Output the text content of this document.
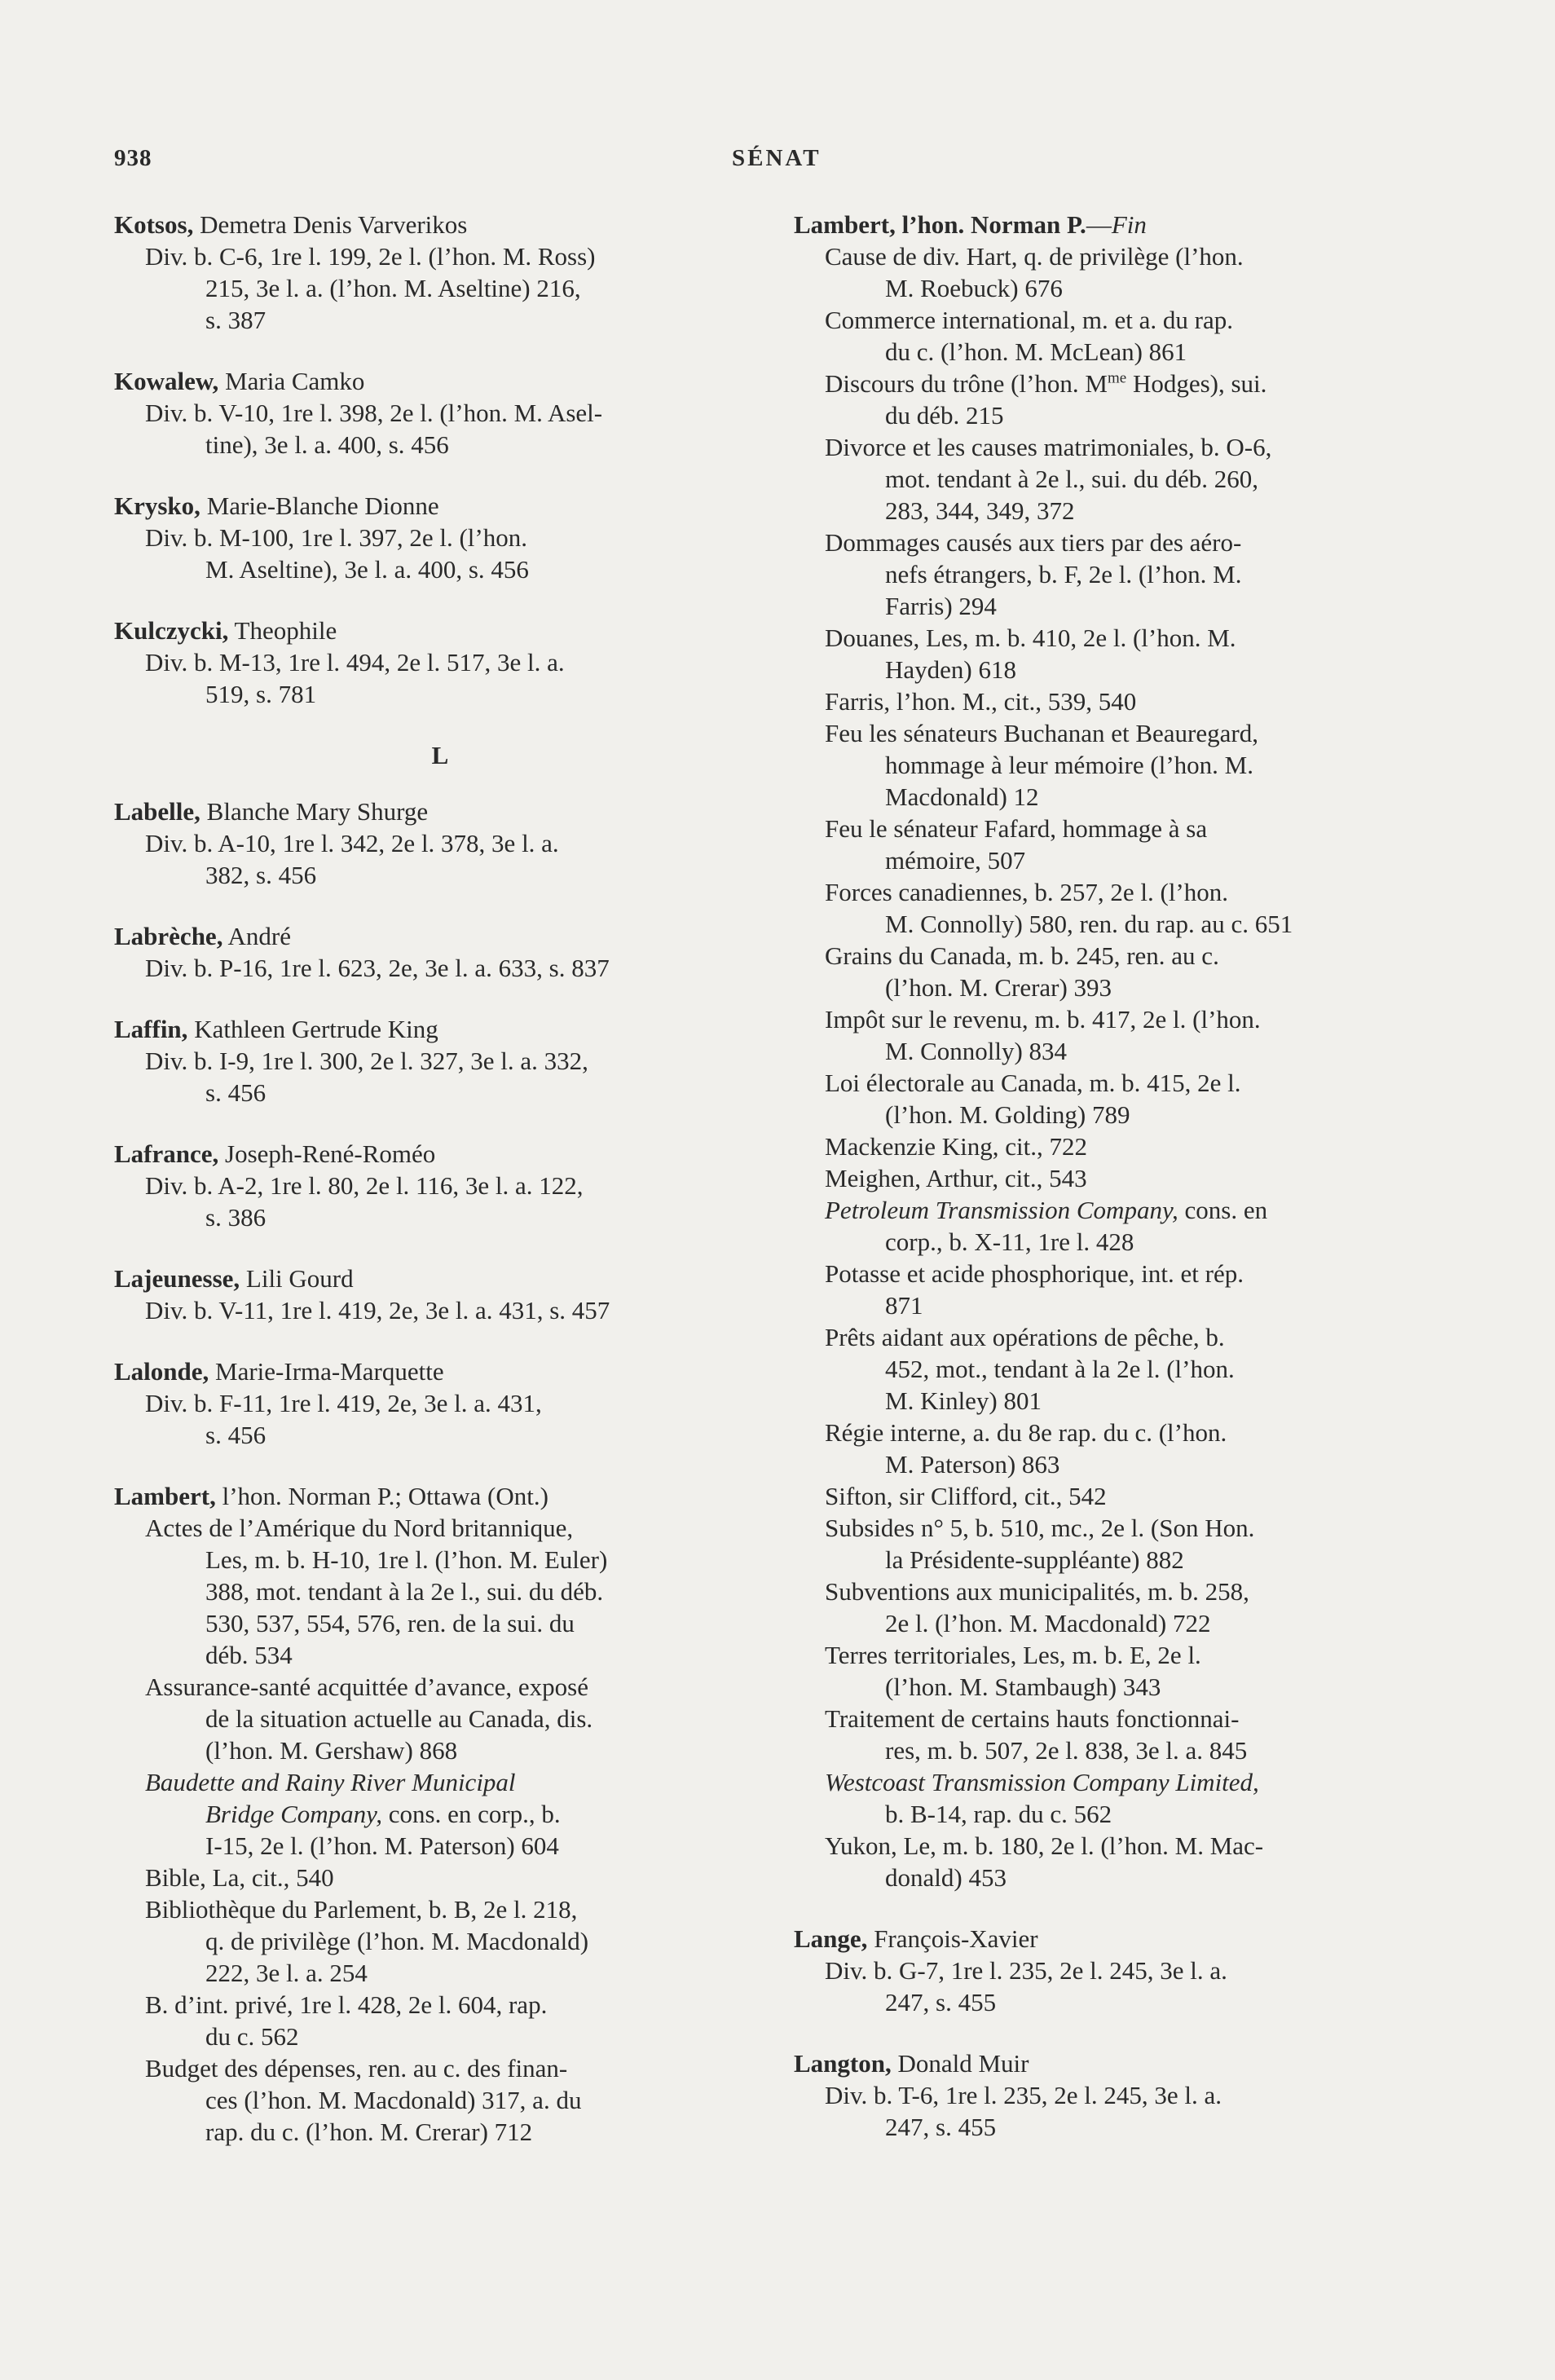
938	SÉNAT
Kotsos, Demetra Denis Varverikos
Div. b. C-6, 1re l. 199, 2e l. (l’hon. M. Ross)
215, 3e l. a. (l’hon. M. Aseltine) 216,
s. 387
Kowalew, Maria Camko
Div. b. V-10, 1re l. 398, 2e l. (l’hon. M. Asel-
tine), 3e l. a. 400, s. 456
Krysko, Marie-Blanche Dionne
Div. b. M-100, 1re l. 397, 2e l. (l’hon.
M. Aseltine), 3e l. a. 400, s. 456
Kulczycki, Theophile
Div. b. M-13, 1re l. 494, 2e l. 517, 3e l. a.
519, s. 781
L
Labelle, Blanche Mary Shurge
Div. b. A-10, 1re l. 342, 2e l. 378, 3e l. a.
382, s. 456
Labrèche, André
Div. b. P-16, 1re l. 623, 2e, 3e l. a. 633, s. 837
Laffin, Kathleen Gertrude King
Div. b. I-9, 1re l. 300, 2e l. 327, 3e l. a. 332,
s. 456
Lafrance, Joseph-René-Roméo
Div. b. A-2, 1re l. 80, 2e l. 116, 3e l. a. 122,
s. 386
Lajeunesse, Lili Gourd
Div. b. V-11, 1re l. 419, 2e, 3e l. a. 431, s. 457
Lalonde, Marie-Irma-Marquette
Div. b. F-11, 1re l. 419, 2e, 3e l. a. 431,
s. 456
Lambert, l’hon. Norman P.; Ottawa (Ont.)
Actes de l’Amérique du Nord britannique,
Les, m. b. H-10, 1re l. (l’hon. M. Euler)
388, mot. tendant à la 2e l., sui. du déb.
530, 537, 554, 576, ren. de la sui. du
déb. 534
Assurance-santé acquittée d’avance, exposé
de la situation actuelle au Canada, dis.
(l’hon. M. Gershaw) 868
Baudette and Rainy River Municipal
Bridge Company, cons. en corp., b.
I-15, 2e l. (l’hon. M. Paterson) 604
Bible, La, cit., 540
Bibliothèque du Parlement, b. B, 2e l. 218,
q. de privilège (l’hon. M. Macdonald)
222, 3e l. a. 254
B. d’int. privé, 1re l. 428, 2e l. 604, rap.
du c. 562
Budget des dépenses, ren. au c. des finan-
ces (l’hon. M. Macdonald) 317, a. du
rap. du c. (l’hon. M. Crerar) 712
Lambert, l’hon. Norman P.—Fin
Cause de div. Hart, q. de privilège (l’hon.
M. Roebuck) 676
Commerce international, m. et a. du rap.
du c. (l’hon. M. McLean) 861
Discours du trône (l’hon. $M^{me}$ Hodges), sui.
du déb. 215
Divorce et les causes matrimoniales, b. O-6,
mot. tendant à 2e l., sui. du déb. 260,
283, 344, 349, 372
Dommages causés aux tiers par des aéro-
nefs étrangers, b. F, 2e l. (l’hon. M.
Farris) 294
Douanes, Les, m. b. 410, 2e l. (l’hon. M.
Hayden) 618
Farris, l’hon. M., cit., 539, 540
Feu les sénateurs Buchanan et Beauregard,
hommage à leur mémoire (l’hon. M.
Macdonald) 12
Feu le sénateur Fafard, hommage à sa
mémoire, 507
Forces canadiennes, b. 257, 2e l. (l’hon.
M. Connolly) 580, ren. du rap. au c. 651
Grains du Canada, m. b. 245, ren. au c.
(l’hon. M. Crerar) 393
Impôt sur le revenu, m. b. 417, 2e l. (l’hon.
M. Connolly) 834
Loi électorale au Canada, m. b. 415, 2e l.
(l’hon. M. Golding) 789
Mackenzie King, cit., 722
Meighen, Arthur, cit., 543
Petroleum Transmission Company, cons. en
corp., b. X-11, 1re l. 428
Potasse et acide phosphorique, int. et rép.
871
Prêts aidant aux opérations de pêche, b.
452, mot., tendant à la 2e l. (l’hon.
M. Kinley) 801
Régie interne, a. du 8e rap. du c. (l’hon.
M. Paterson) 863
Sifton, sir Clifford, cit., 542
Subsides n° 5, b. 510, mc., 2e l. (Son Hon.
la Présidente-suppléante) 882
Subventions aux municipalités, m. b. 258,
2e l. (l’hon. M. Macdonald) 722
Terres territoriales, Les, m. b. E, 2e l.
(l’hon. M. Stambaugh) 343
Traitement de certains hauts fonctionnai-
res, m. b. 507, 2e l. 838, 3e l. a. 845
Westcoast Transmission Company Limited,
b. B-14, rap. du c. 562
Yukon, Le, m. b. 180, 2e l. (l’hon. M. Mac-
donald) 453
Lange, François-Xavier
Div. b. G-7, 1re l. 235, 2e l. 245, 3e l. a.
247, s. 455
Langton, Donald Muir
Div. b. T-6, 1re l. 235, 2e l. 245, 3e l. a.
247, s. 455
